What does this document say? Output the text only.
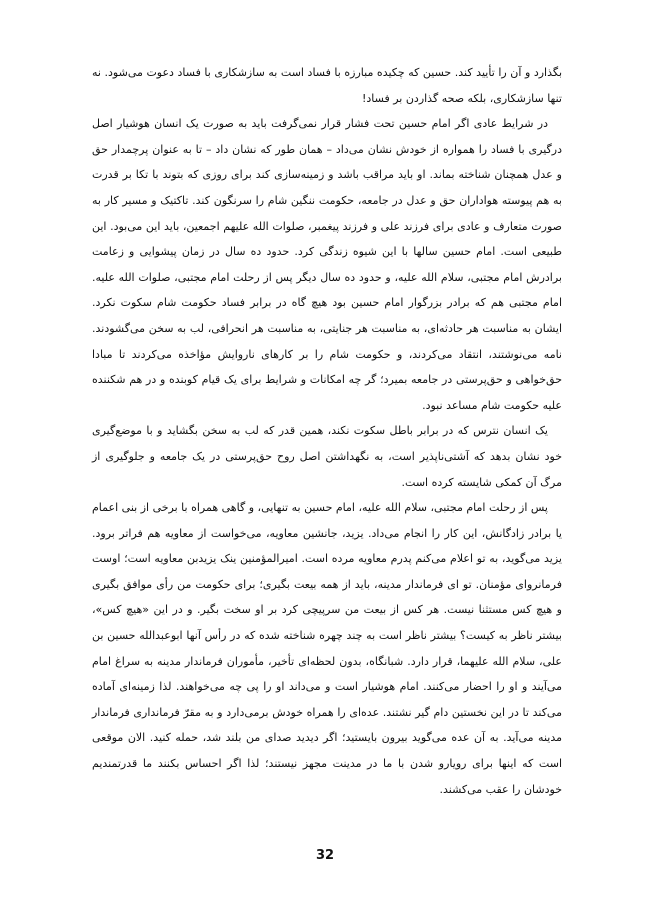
بگذارد و آن را تأیید کند. حسین که چکیده مبارزه با فساد است به سازشکاری با فساد دعوت می‌شود. نه تنها سازشکاری، بلکه صحه گذاردن بر فساد!

در شرایط عادی اگر امام حسین تحت فشار قرار نمی‌گرفت باید به صورت یک انسان هوشیار اصل درگیری با فساد را همواره از خودش نشان می‌داد – همان طور که نشان داد – تا به عنوان پرچمدار حق و عدل همچنان شناخته بماند. او باید مراقب باشد و زمینه‌سازی کند برای روزی که بتوند با تکا بر قدرت به هم پیوسته هواداران حق و عدل در جامعه، حکومت ننگین شام را سرنگون کند. تاکتیک و مسیر کار به صورت متعارف و عادی برای فرزند علی و فرزند پیغمبر، صلوات الله علیهم اجمعین، باید این می‌بود. این طبیعی است. امام حسین سالها با این شیوه زندگی کرد. حدود ده سال در زمان پیشوایی و زعامت برادرش امام مجتبی، سلام الله علیه، و حدود ده سال دیگر پس از رحلت امام مجتبی، صلوات الله علیه. امام مجتبی هم که برادر بزرگوار امام حسین بود هیچ گاه در برابر فساد حکومت شام سکوت نکرد. ایشان به مناسبت هر حادثه‌ای، به مناسبت هر جنایتی، به مناسبت هر انحرافی، لب به سخن می‌گشودند. نامه می‌نوشتند، انتقاد می‌کردند، و حکومت شام را بر کارهای ناروایش مؤاخذه می‌کردند تا مبادا حق‌خواهی و حق‌پرستی در جامعه بمیرد؛ گر چه امکانات و شرایط برای یک قیام کوبنده و در هم شکننده علیه حکومت شام مساعد نبود.

یک انسان نترس که در برابر باطل سکوت نکند، همین قدر که لب به سخن بگشاید و با موضع‌گیری خود نشان بدهد که آشتی‌ناپذیر است، به نگهداشتن اصل روح حق‌پرستی در یک جامعه و جلوگیری از مرگ آن کمکی شایسته کرده است.

پس از رحلت امام مجتبی، سلام الله علیه، امام حسین به تنهایی، و گاهی همراه با برخی از بنی اعمام یا برادر زادگانش، این کار را انجام می‌داد. یزید، جانشین معاویه، می‌خواست از معاویه هم فراتر برود. یزید می‌گوید، به تو اعلام می‌کنم پدرم معاویه مرده است. امیرالمؤمنین ینک یزیدبن معاویه است؛ اوست فرمانروای مؤمنان. تو ای فرماندار مدینه، باید از همه بیعت بگیری؛ برای حکومت من رأی موافق بگیری و هیچ کس مستثنا نیست. هر کس از بیعت من سرپیچی کرد بر او سخت بگیر. و در این «هیچ کس»، بیشتر ناظر به کیست؟ بیشتر ناظر است به چند چهره شناخته شده که در رأس آنها ابوعبدالله حسین بن علی، سلام الله علیهما، قرار دارد. شبانگاه، بدون لحظه‌ای تأخیر، مأموران فرماندار مدینه به سراغ امام می‌آیند و او را احضار می‌کنند. امام هوشیار است و می‌داند او را پی چه می‌خواهند. لذا زمینه‌ای آماده می‌کند تا در این نخستین دام گیر نشتند. عده‌ای را همراه خودش برمی‌دارد و به مقرّ فرمانداری فرماندار مدینه می‌آید. به آن عده می‌گوید بیرون بایستید؛ اگر دیدید صدای من بلند شد، حمله کنید. الان موقعی است که اینها برای رویارو شدن با ما در مدینت مجهز نیستند؛ لذا اگر احساس بکنند ما قدرتمندیم خودشان را عقب می‌کشند.

32
